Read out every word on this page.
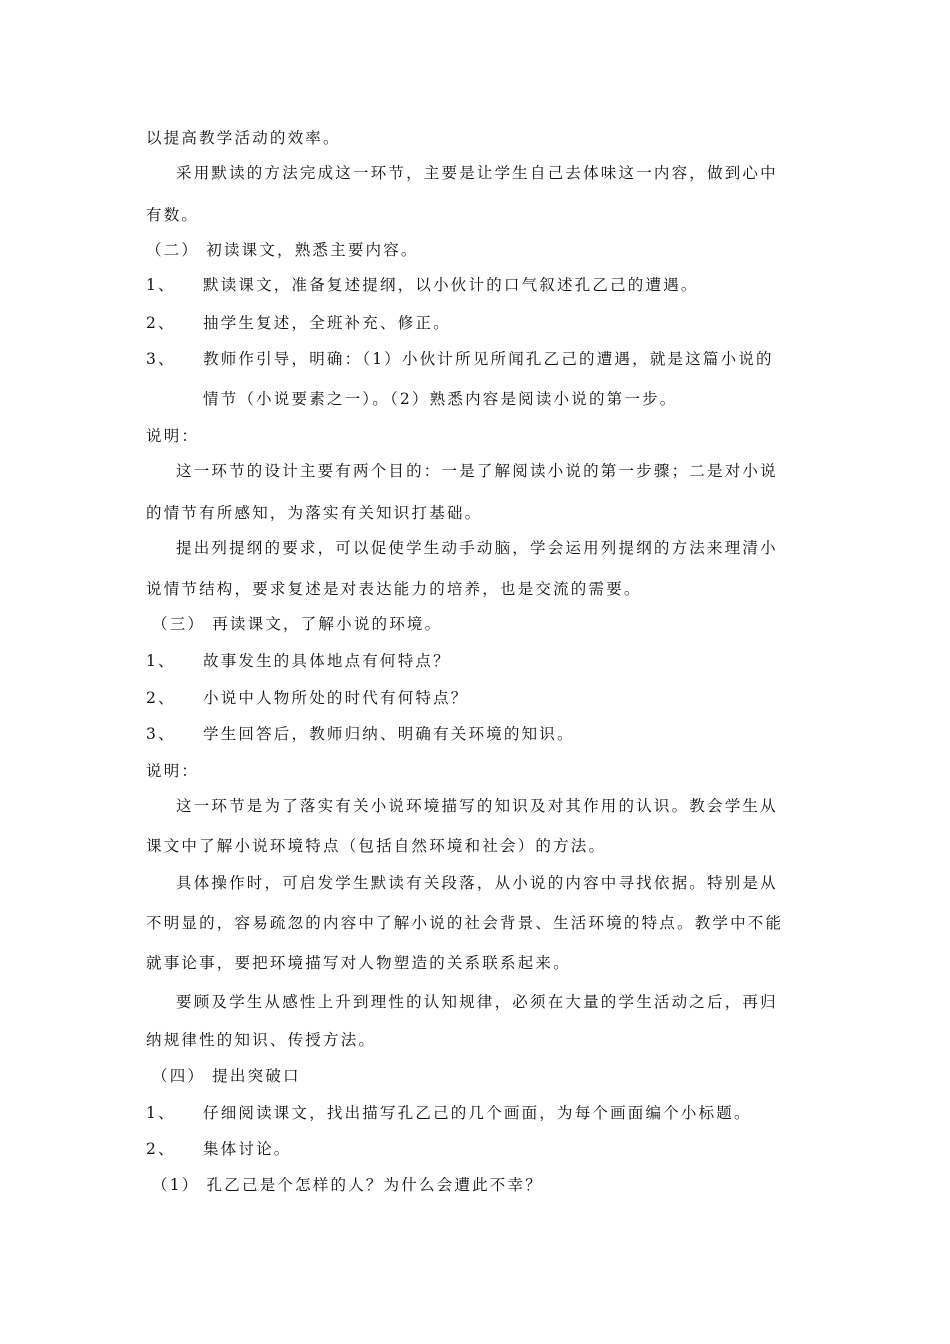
以提高教学活动的效率。
采用默读的方法完成这一环节，主要是让学生自己去体味这一内容，做到心中
有数。
（二） 初读课文，熟悉主要内容。
1、 默读课文，准备复述提纲，以小伙计的口气叙述孔乙己的遭遇。
2、 抽学生复述，全班补充、修正。
3、 教师作引导，明确：（1）小伙计所见所闻孔乙己的遭遇，就是这篇小说的
情节（小说要素之一）。（2）熟悉内容是阅读小说的第一步。
说明：
这一环节的设计主要有两个目的：一是了解阅读小说的第一步骤；二是对小说
的情节有所感知，为落实有关知识打基础。
提出列提纲的要求，可以促使学生动手动脑，学会运用列提纲的方法来理清小
说情节结构，要求复述是对表达能力的培养，也是交流的需要。
（三） 再读课文，了解小说的环境。
1、 故事发生的具体地点有何特点？
2、 小说中人物所处的时代有何特点？
3、 学生回答后，教师归纳、明确有关环境的知识。
说明：
这一环节是为了落实有关小说环境描写的知识及对其作用的认识。教会学生从
课文中了解小说环境特点（包括自然环境和社会）的方法。
具体操作时，可启发学生默读有关段落，从小说的内容中寻找依据。特别是从
不明显的，容易疏忽的内容中了解小说的社会背景、生活环境的特点。教学中不能
就事论事，要把环境描写对人物塑造的关系联系起来。
要顾及学生从感性上升到理性的认知规律，必须在大量的学生活动之后，再归
纳规律性的知识、传授方法。
（四） 提出突破口
1、 仔细阅读课文，找出描写孔乙己的几个画面，为每个画面编个小标题。
2、 集体讨论。
（1） 孔乙己是个怎样的人？为什么会遭此不幸？
